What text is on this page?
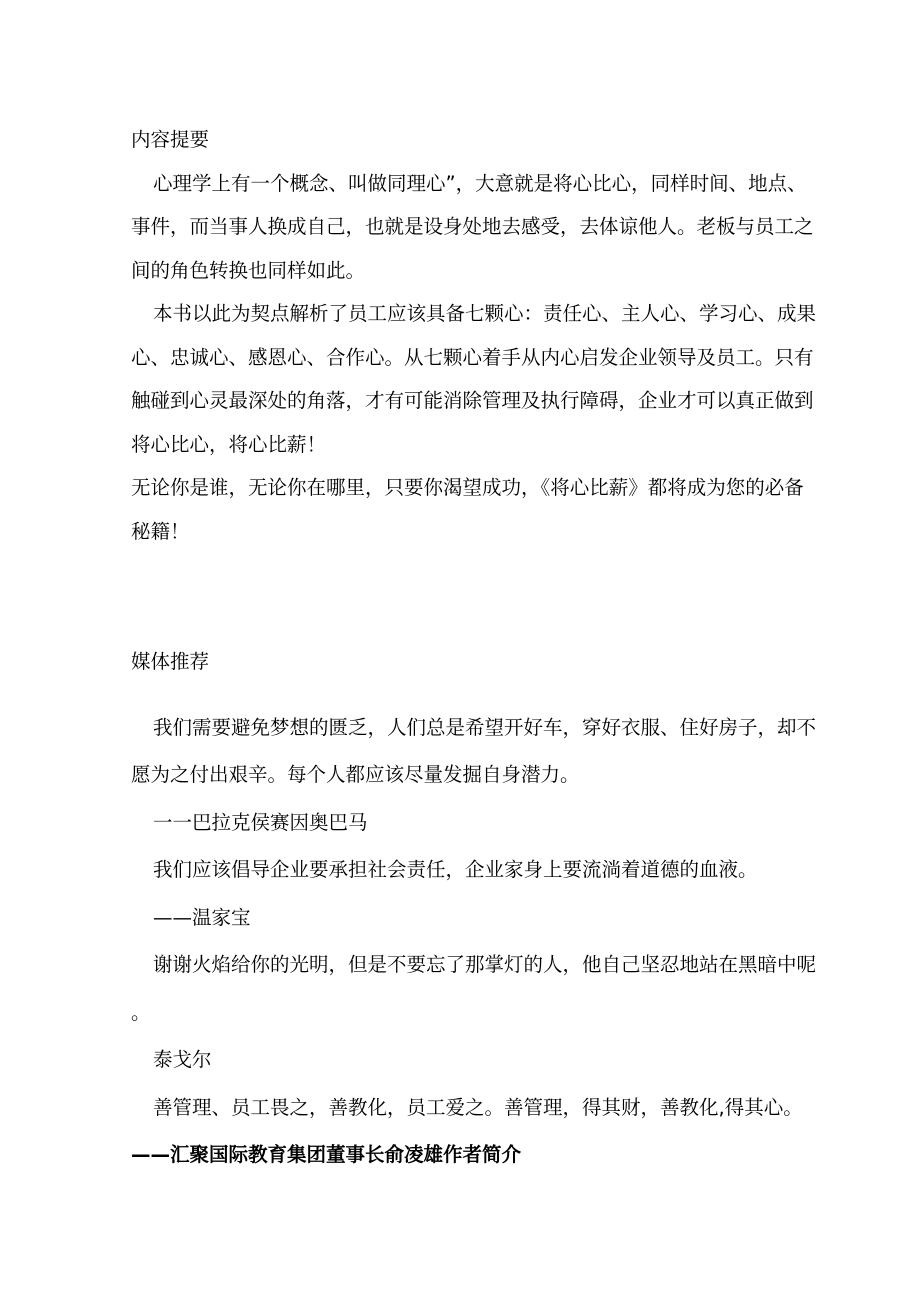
内容提要
心理学上有一个概念、叫做同理心”，大意就是将心比心，同样时间、地点、
事件，而当事人换成自己，也就是设身处地去感受，去体谅他人。老板与员工之
间的角色转换也同样如此。
本书以此为契点解析了员工应该具备七颗心：责任心、主人心、学习心、成果
心、忠诚心、感恩心、合作心。从七颗心着手从内心启发企业领导及员工。只有
触碰到心灵最深处的角落，才有可能消除管理及执行障碍，企业才可以真正做到
将心比心，将心比薪！
无论你是谁，无论你在哪里，只要你渴望成功，《将心比薪》都将成为您的必备
秘籍！
媒体推荐
我们需要避免梦想的匮乏，人们总是希望开好车，穿好衣服、住好房子，却不
愿为之付出艰辛。每个人都应该尽量发掘自身潜力。
一一巴拉克侯赛因奥巴马
我们应该倡导企业要承担社会责任，企业家身上要流淌着道德的血液。
——温家宝
谢谢火焰给你的光明，但是不要忘了那掌灯的人，他自己坚忍地站在黑暗中呢
。
泰戈尔
善管理、员工畏之，善教化，员工爱之。善管理，得其财，善教化,得其心。
——汇聚国际教育集团董事长俞凌雄作者简介
